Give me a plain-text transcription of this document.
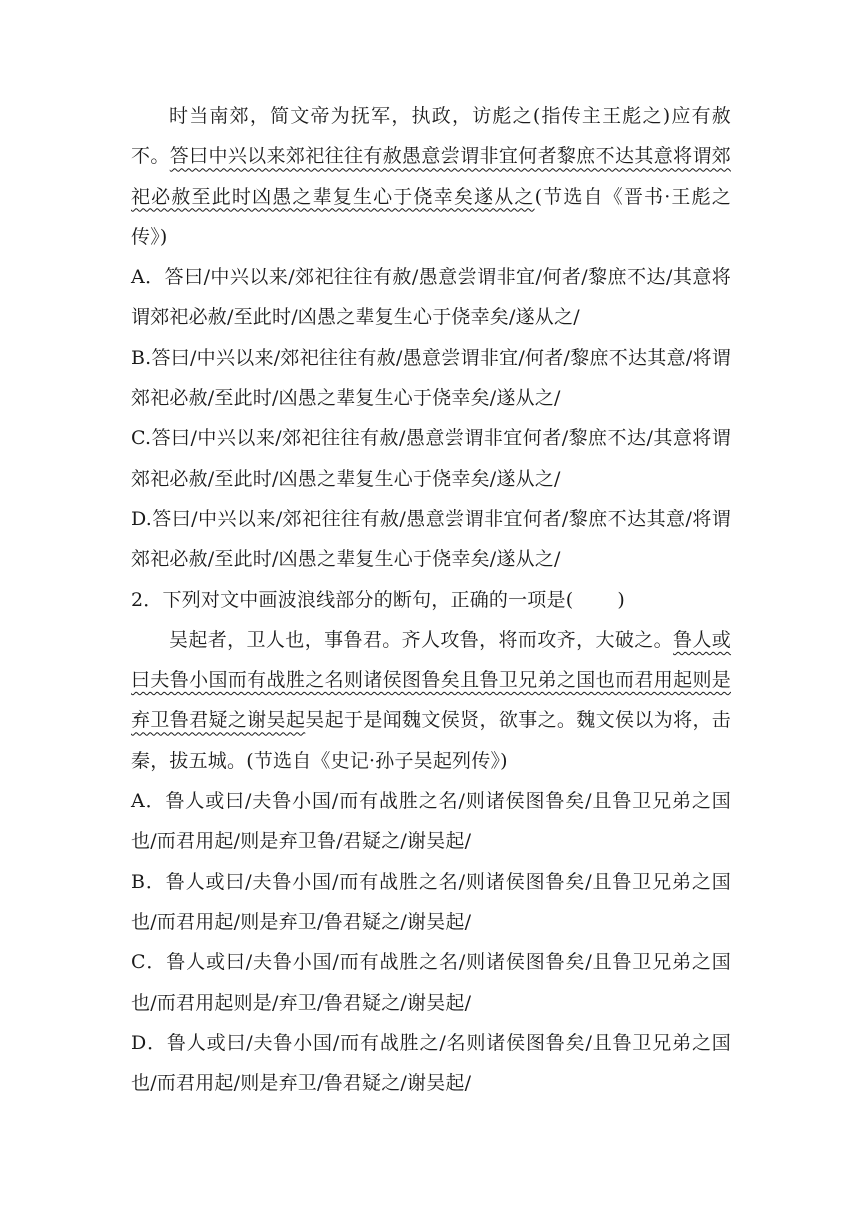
时当南郊，简文帝为抚军，执政，访彪之(指传主王彪之)应有赦不。答曰中兴以来郊祀往往有赦愚意尝谓非宜何者黎庶不达其意将谓郊祀必赦至此时凶愚之辈复生心于侥幸矣遂从之(节选自《晋书·王彪之传》)

A．答曰/中兴以来/郊祀往往有赦/愚意尝谓非宜/何者/黎庶不达/其意将谓郊祀必赦/至此时/凶愚之辈复生心于侥幸矣/遂从之/

B.答曰/中兴以来/郊祀往往有赦/愚意尝谓非宜/何者/黎庶不达其意/将谓郊祀必赦/至此时/凶愚之辈复生心于侥幸矣/遂从之/

C.答曰/中兴以来/郊祀往往有赦/愚意尝谓非宜何者/黎庶不达/其意将谓郊祀必赦/至此时/凶愚之辈复生心于侥幸矣/遂从之/

D.答曰/中兴以来/郊祀往往有赦/愚意尝谓非宜何者/黎庶不达其意/将谓郊祀必赦/至此时/凶愚之辈复生心于侥幸矣/遂从之/

2．下列对文中画波浪线部分的断句，正确的一项是( )

吴起者，卫人也，事鲁君。齐人攻鲁，将而攻齐，大破之。鲁人或曰夫鲁小国而有战胜之名则诸侯图鲁矣且鲁卫兄弟之国也而君用起则是弃卫鲁君疑之谢吴起吴起于是闻魏文侯贤，欲事之。魏文侯以为将，击秦，拔五城。(节选自《史记·孙子吴起列传》)

A．鲁人或曰/夫鲁小国/而有战胜之名/则诸侯图鲁矣/且鲁卫兄弟之国也/而君用起/则是弃卫鲁/君疑之/谢吴起/

B．鲁人或曰/夫鲁小国/而有战胜之名/则诸侯图鲁矣/且鲁卫兄弟之国也/而君用起/则是弃卫/鲁君疑之/谢吴起/

C．鲁人或曰/夫鲁小国/而有战胜之名/则诸侯图鲁矣/且鲁卫兄弟之国也/而君用起则是/弃卫/鲁君疑之/谢吴起/

D．鲁人或曰/夫鲁小国/而有战胜之/名则诸侯图鲁矣/且鲁卫兄弟之国也/而君用起/则是弃卫/鲁君疑之/谢吴起/
